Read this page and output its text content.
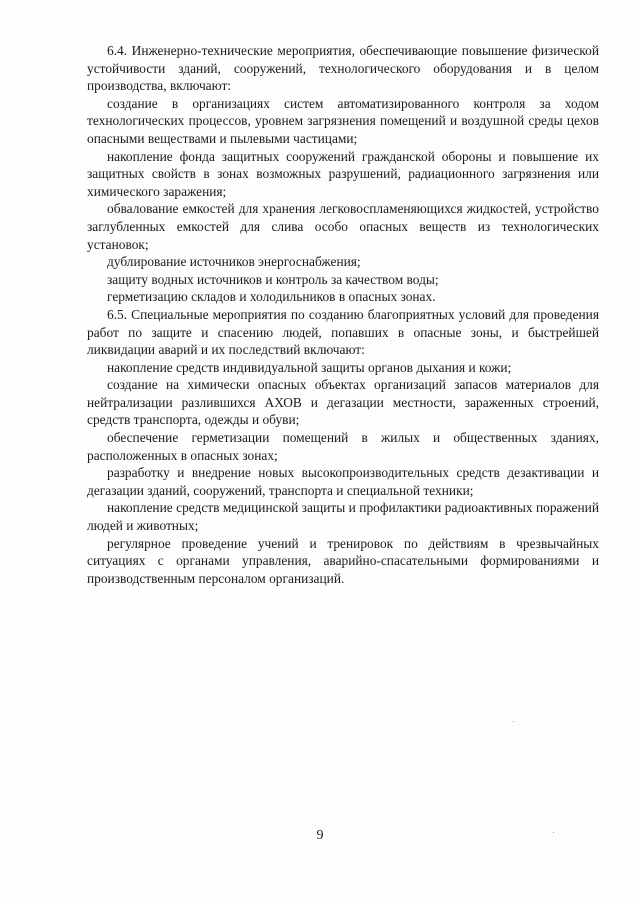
6.4. Инженерно-технические мероприятия, обеспечивающие повышение физической устойчивости зданий, сооружений, технологического оборудования и в целом производства, включают:

создание в организациях систем автоматизированного контроля за ходом технологических процессов, уровнем загрязнения помещений и воздушной среды цехов опасными веществами и пылевыми частицами;

накопление фонда защитных сооружений гражданской обороны и повышение их защитных свойств в зонах возможных разрушений, радиационного загрязнения или химического заражения;

обвалование емкостей для хранения легковоспламеняющихся жидкостей, устройство заглубленных емкостей для слива особо опасных веществ из технологических установок;

дублирование источников энергоснабжения;

защиту водных источников и контроль за качеством воды;

герметизацию складов и холодильников в опасных зонах.

6.5. Специальные мероприятия по созданию благоприятных условий для проведения работ по защите и спасению людей, попавших в опасные зоны, и быстрейшей ликвидации аварий и их последствий включают:

накопление средств индивидуальной защиты органов дыхания и кожи;

создание на химически опасных объектах организаций запасов материалов для нейтрализации разлившихся АХОВ и дегазации местности, зараженных строений, средств транспорта, одежды и обуви;

обеспечение герметизации помещений в жилых и общественных зданиях, расположенных в опасных зонах;

разработку и внедрение новых высокопроизводительных средств дезактивации и дегазации зданий, сооружений, транспорта и специальной техники;

накопление средств медицинской защиты и профилактики радиоактивных поражений людей и животных;

регулярное проведение учений и тренировок по действиям в чрезвычайных ситуациях с органами управления, аварийно-спасательными формированиями и производственным персоналом организаций.

9
